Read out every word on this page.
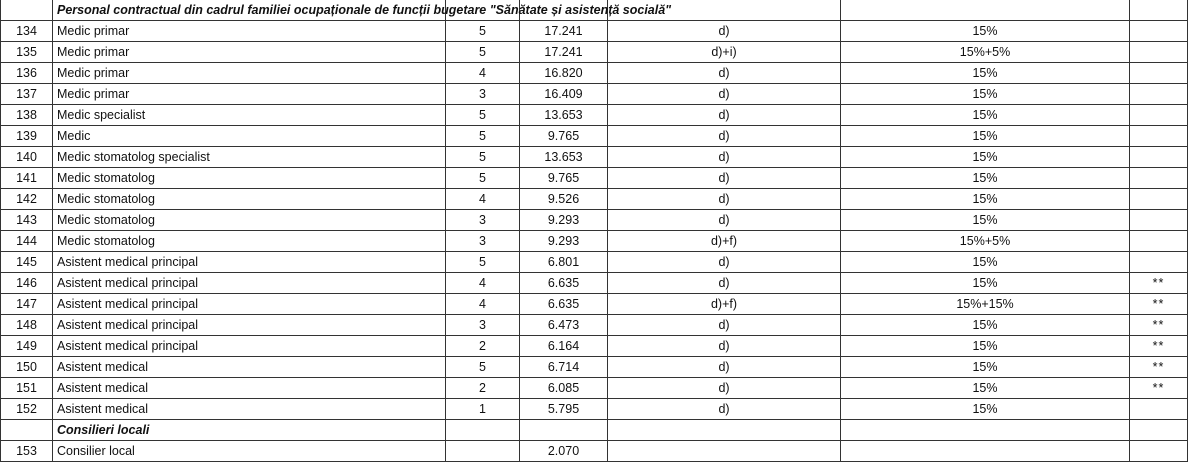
	Personal contractual din cadrul familiei ocupaționale de funcții bugetare "Sănătate și asistență socială"					
134	Medic primar	5	17.241	d)	15%	
135	Medic primar	5	17.241	d)+i)	15%+5%	
136	Medic primar	4	16.820	d)	15%	
137	Medic primar	3	16.409	d)	15%	
138	Medic specialist	5	13.653	d)	15%	
139	Medic	5	9.765	d)	15%	
140	Medic stomatolog specialist	5	13.653	d)	15%	
141	Medic stomatolog	5	9.765	d)	15%	
142	Medic stomatolog	4	9.526	d)	15%	
143	Medic stomatolog	3	9.293	d)	15%	
144	Medic stomatolog	3	9.293	d)+f)	15%+5%	
145	Asistent medical principal	5	6.801	d)	15%	
146	Asistent medical principal	4	6.635	d)	15%	**
147	Asistent medical principal	4	6.635	d)+f)	15%+15%	**
148	Asistent medical principal	3	6.473	d)	15%	**
149	Asistent medical principal	2	6.164	d)	15%	**
150	Asistent medical	5	6.714	d)	15%	**
151	Asistent medical	2	6.085	d)	15%	**
152	Asistent medical	1	5.795	d)	15%	
	Consilieri locali					
153	Consilier local		2.070			
